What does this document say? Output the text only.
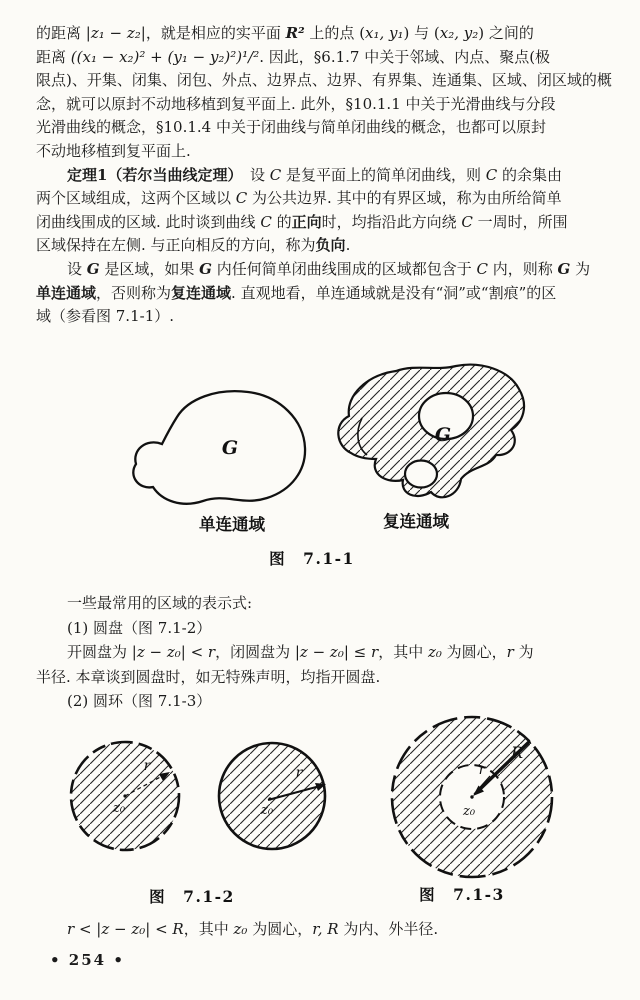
的距离 |z₁ − z₂|，就是相应的实平面 R² 上的点 (x₁, y₁) 与 (x₂, y₂) 之间的
距离 ((x₁ − x₂)² + (y₁ − y₂)²)¹/². 因此，§6.1.7 中关于邻域、内点、聚点(极
限点)、开集、闭集、闭包、外点、边界点、边界、有界集、连通集、区域、闭区域的概
念，就可以原封不动地移植到复平面上. 此外，§10.1.1 中关于光滑曲线与分段
光滑曲线的概念，§10.1.4 中关于闭曲线与简单闭曲线的概念，也都可以原封
不动地移植到复平面上.
定理1（若尔当曲线定理）　设 C 是复平面上的简单闭曲线，则 C 的余集由
两个区域组成，这两个区域以 C 为公共边界. 其中的有界区域，称为由所给简单
闭曲线围成的区域. 此时谈到曲线 C 的正向时，均指沿此方向绕 C 一周时，所围
区域保持在左侧. 与正向相反的方向，称为负向.
设 G 是区域，如果 G 内任何简单闭曲线围成的区域都包含于 C 内，则称 G 为
单连通域，否则称为复连通域. 直观地看，单连通域就是没有“洞”或“割痕”的区
域（参看图 7.1-1）.
G
G
单连通域	复连通域
图　7.1-1
一些最常用的区域的表示式:
(1) 圆盘（图 7.1-2）
开圆盘为 |z − z₀| < r，闭圆盘为 |z − z₀| ≤ r，其中 z₀ 为圆心，r 为
半径. 本章谈到圆盘时，如无特殊声明，均指开圆盘.
(2) 圆环（图 7.1-3）
r
z₀
r
z₀
R
r
z₀
图　7.1-2	图　7.1-3
r < |z − z₀| < R，其中 z₀ 为圆心，r, R 为内、外半径.
• 254 •
